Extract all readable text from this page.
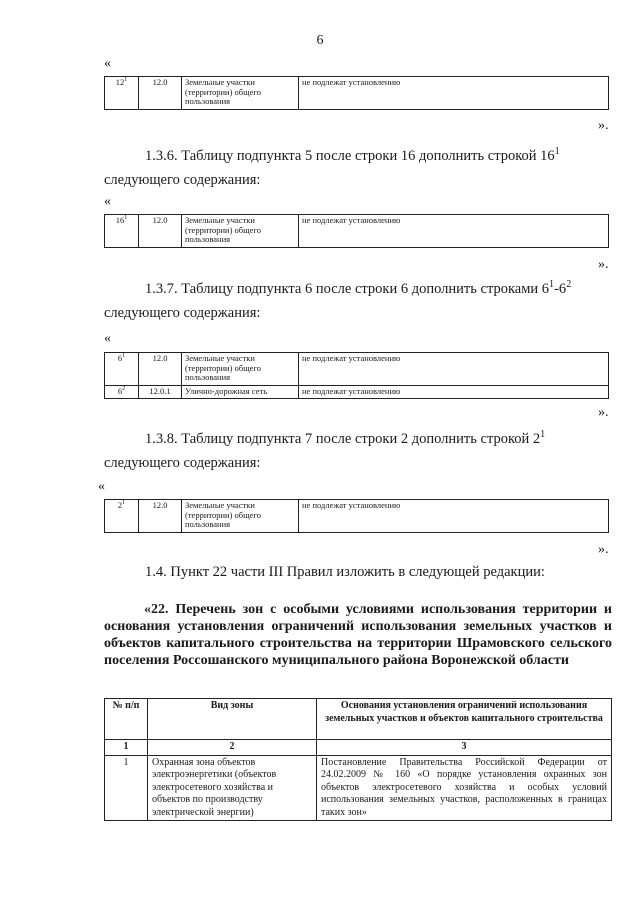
6
«
$12^1$	12.0	Земельные участки (территории) общего пользования	не подлежат установлению
».
1.3.6. Таблицу подпункта 5 после строки 16 дополнить строкой $16^1$
следующего содержания:
«
$16^1$	12.0	Земельные участки (территории) общего пользования	не подлежат установлению
».
1.3.7. Таблицу подпункта 6 после строки 6 дополнить строками $6^1-6^2$
следующего содержания:
«
$6^1$	12.0	Земельные участки (территории) общего пользования	не подлежат установлению
$6^2$	12.0.1	Улично-дорожная сеть	не подлежат установлению
».
1.3.8. Таблицу подпункта 7 после строки 2 дополнить строкой $2^1$
следующего содержания:
«
$2^1$	12.0	Земельные участки (территории) общего пользования	не подлежат установлению
».
1.4. Пункт 22 части III Правил изложить в следующей редакции:
«22. Перечень зон с особыми условиями использования территории и основания установления ограничений использования земельных участков и объектов капитального строительства на территории Шрамовского сельского поселения Россошанского муниципального района Воронежской области
№ п/п	Вид зоны	Основания установления ограничений использования земельных участков и объектов капитального строительства
1	2	3
1	Охранная зона объектов электроэнергетики (объектов электросетевого хозяйства и объектов по производству электрической энергии)	Постановление Правительства Российской Федерации от 24.02.2009 № 160 «О порядке установления охранных зон объектов электросетевого хозяйства и особых условий использования земельных участков, расположенных в границах таких зон»
